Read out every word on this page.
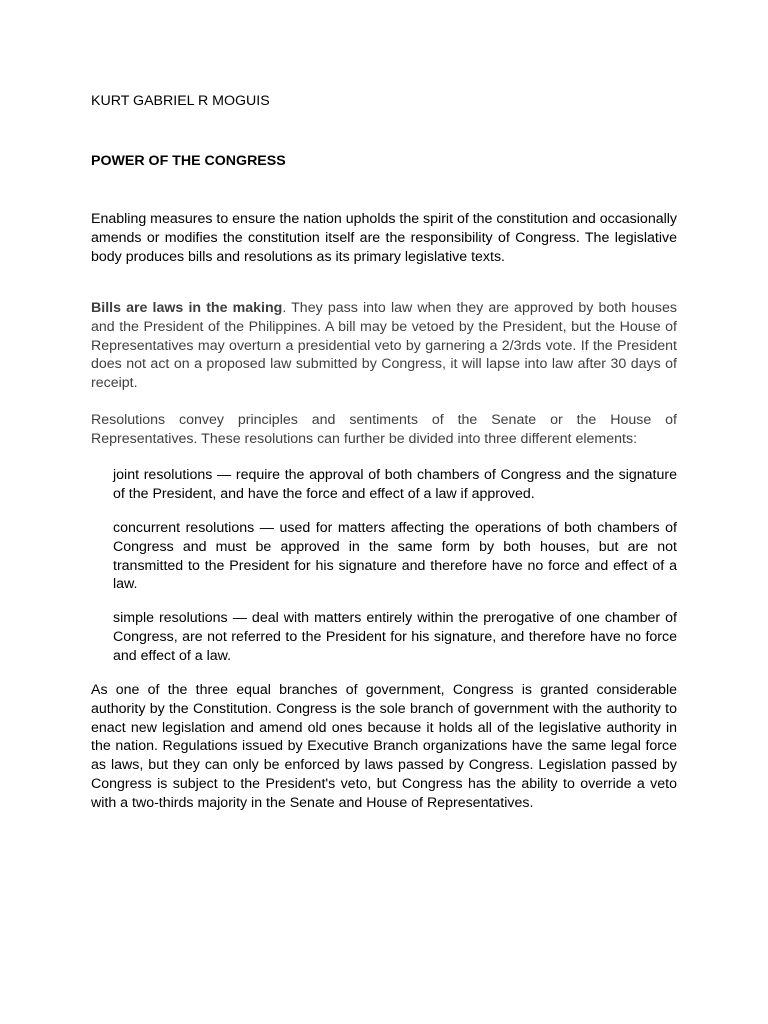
KURT GABRIEL R MOGUIS

POWER OF THE CONGRESS

Enabling measures to ensure the nation upholds the spirit of the constitution and occasionally amends or modifies the constitution itself are the responsibility of Congress. The legislative body produces bills and resolutions as its primary legislative texts.

Bills are laws in the making. They pass into law when they are approved by both houses and the President of the Philippines. A bill may be vetoed by the President, but the House of Representatives may overturn a presidential veto by garnering a 2/3rds vote. If the President does not act on a proposed law submitted by Congress, it will lapse into law after 30 days of receipt.

Resolutions convey principles and sentiments of the Senate or the House of Representatives. These resolutions can further be divided into three different elements:

joint resolutions — require the approval of both chambers of Congress and the signature of the President, and have the force and effect of a law if approved.

concurrent resolutions — used for matters affecting the operations of both chambers of Congress and must be approved in the same form by both houses, but are not transmitted to the President for his signature and therefore have no force and effect of a law.

simple resolutions — deal with matters entirely within the prerogative of one chamber of Congress, are not referred to the President for his signature, and therefore have no force and effect of a law.

As one of the three equal branches of government, Congress is granted considerable authority by the Constitution. Congress is the sole branch of government with the authority to enact new legislation and amend old ones because it holds all of the legislative authority in the nation. Regulations issued by Executive Branch organizations have the same legal force as laws, but they can only be enforced by laws passed by Congress. Legislation passed by Congress is subject to the President's veto, but Congress has the ability to override a veto with a two-thirds majority in the Senate and House of Representatives.
